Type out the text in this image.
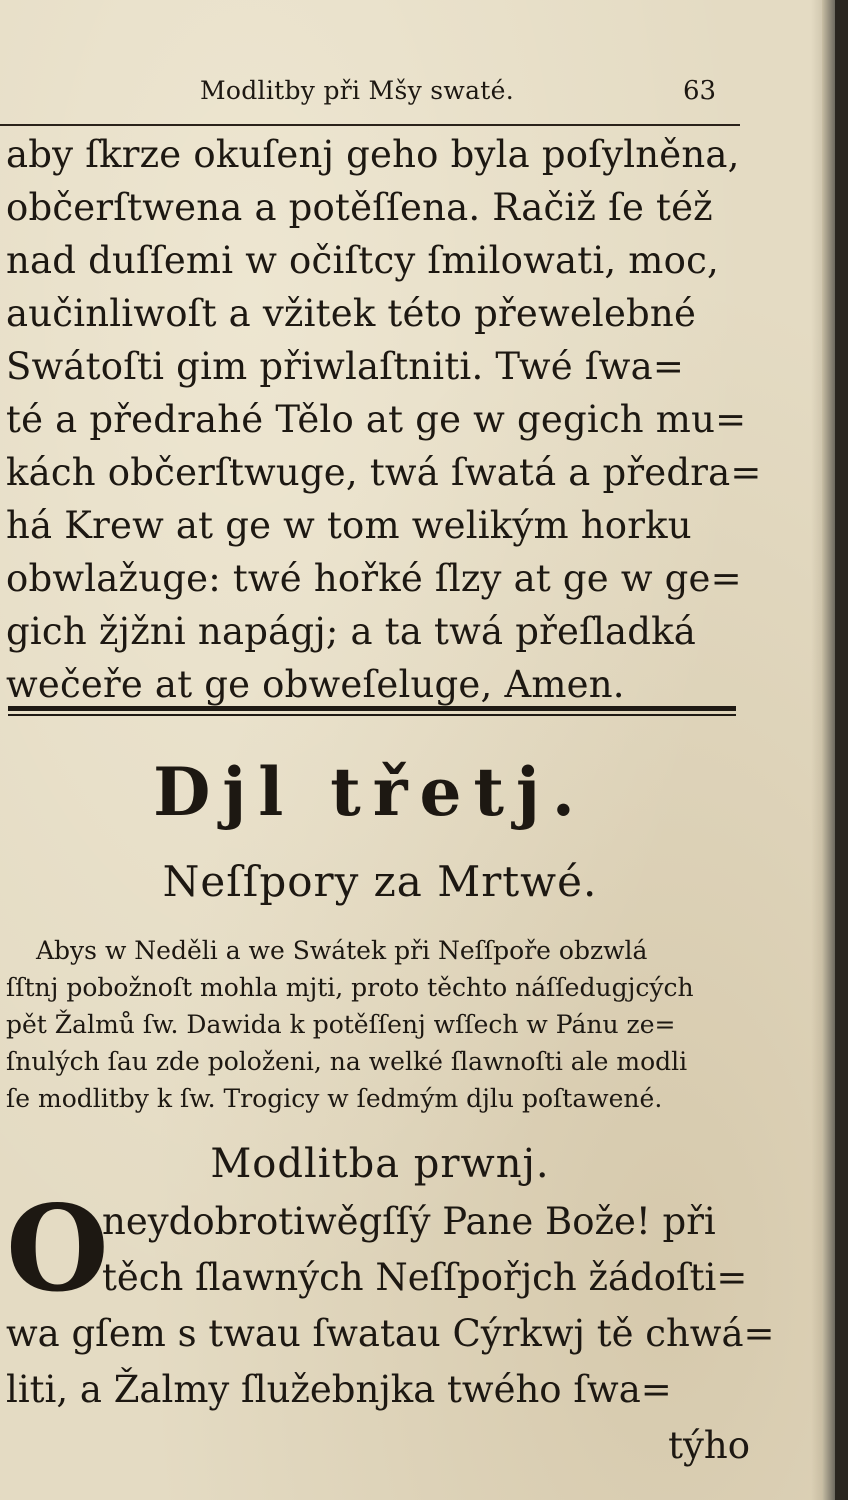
Modlitby při Mšy swaté.	63
aby ſkrze okuſenj geho byla poſylněna,
občerſtwena a potěſſena. Račiž ſe též
nad duſſemi w očiſtcy ſmilowati, moc,
aučinliwoſt a vžitek této přewelebné
Swátoſti gim přiwlaſtniti. Twé ſwa=
té a předrahé Tělo at ge w gegich mu=
kách občerſtwuge, twá ſwatá a předra=
há Krew at ge w tom welikým horku
obwlažuge: twé hořké ſlzy at ge w ge=
gich žjžni napágj; a ta twá přeſladká
wečeře at ge obweſeluge, Amen.
Djl třetj.
Neſſpory za Mrtwé.
Abys w Neděli a we Swátek při Neſſpoře obzwlá
ſſtnj pobožnoſt mohla mjti, proto těchto náſſedugjcých
pět Žalmů ſw. Dawida k potěſſenj wſſech w Pánu ze=
ſnulých ſau zde položeni, na welké ſlawnoſti ale modli
ſe modlitby k ſw. Trogicy w ſedmým djlu poſtawené.
Modlitba prwnj.
O
neydobrotiwěgſſý Pane Bože! při
těch ſlawných Neſſpořjch žádoſti=
wa gſem s twau ſwatau Cýrkwj tě chwá=
liti, a Žalmy ſlužebnjka twého ſwa=
týho
